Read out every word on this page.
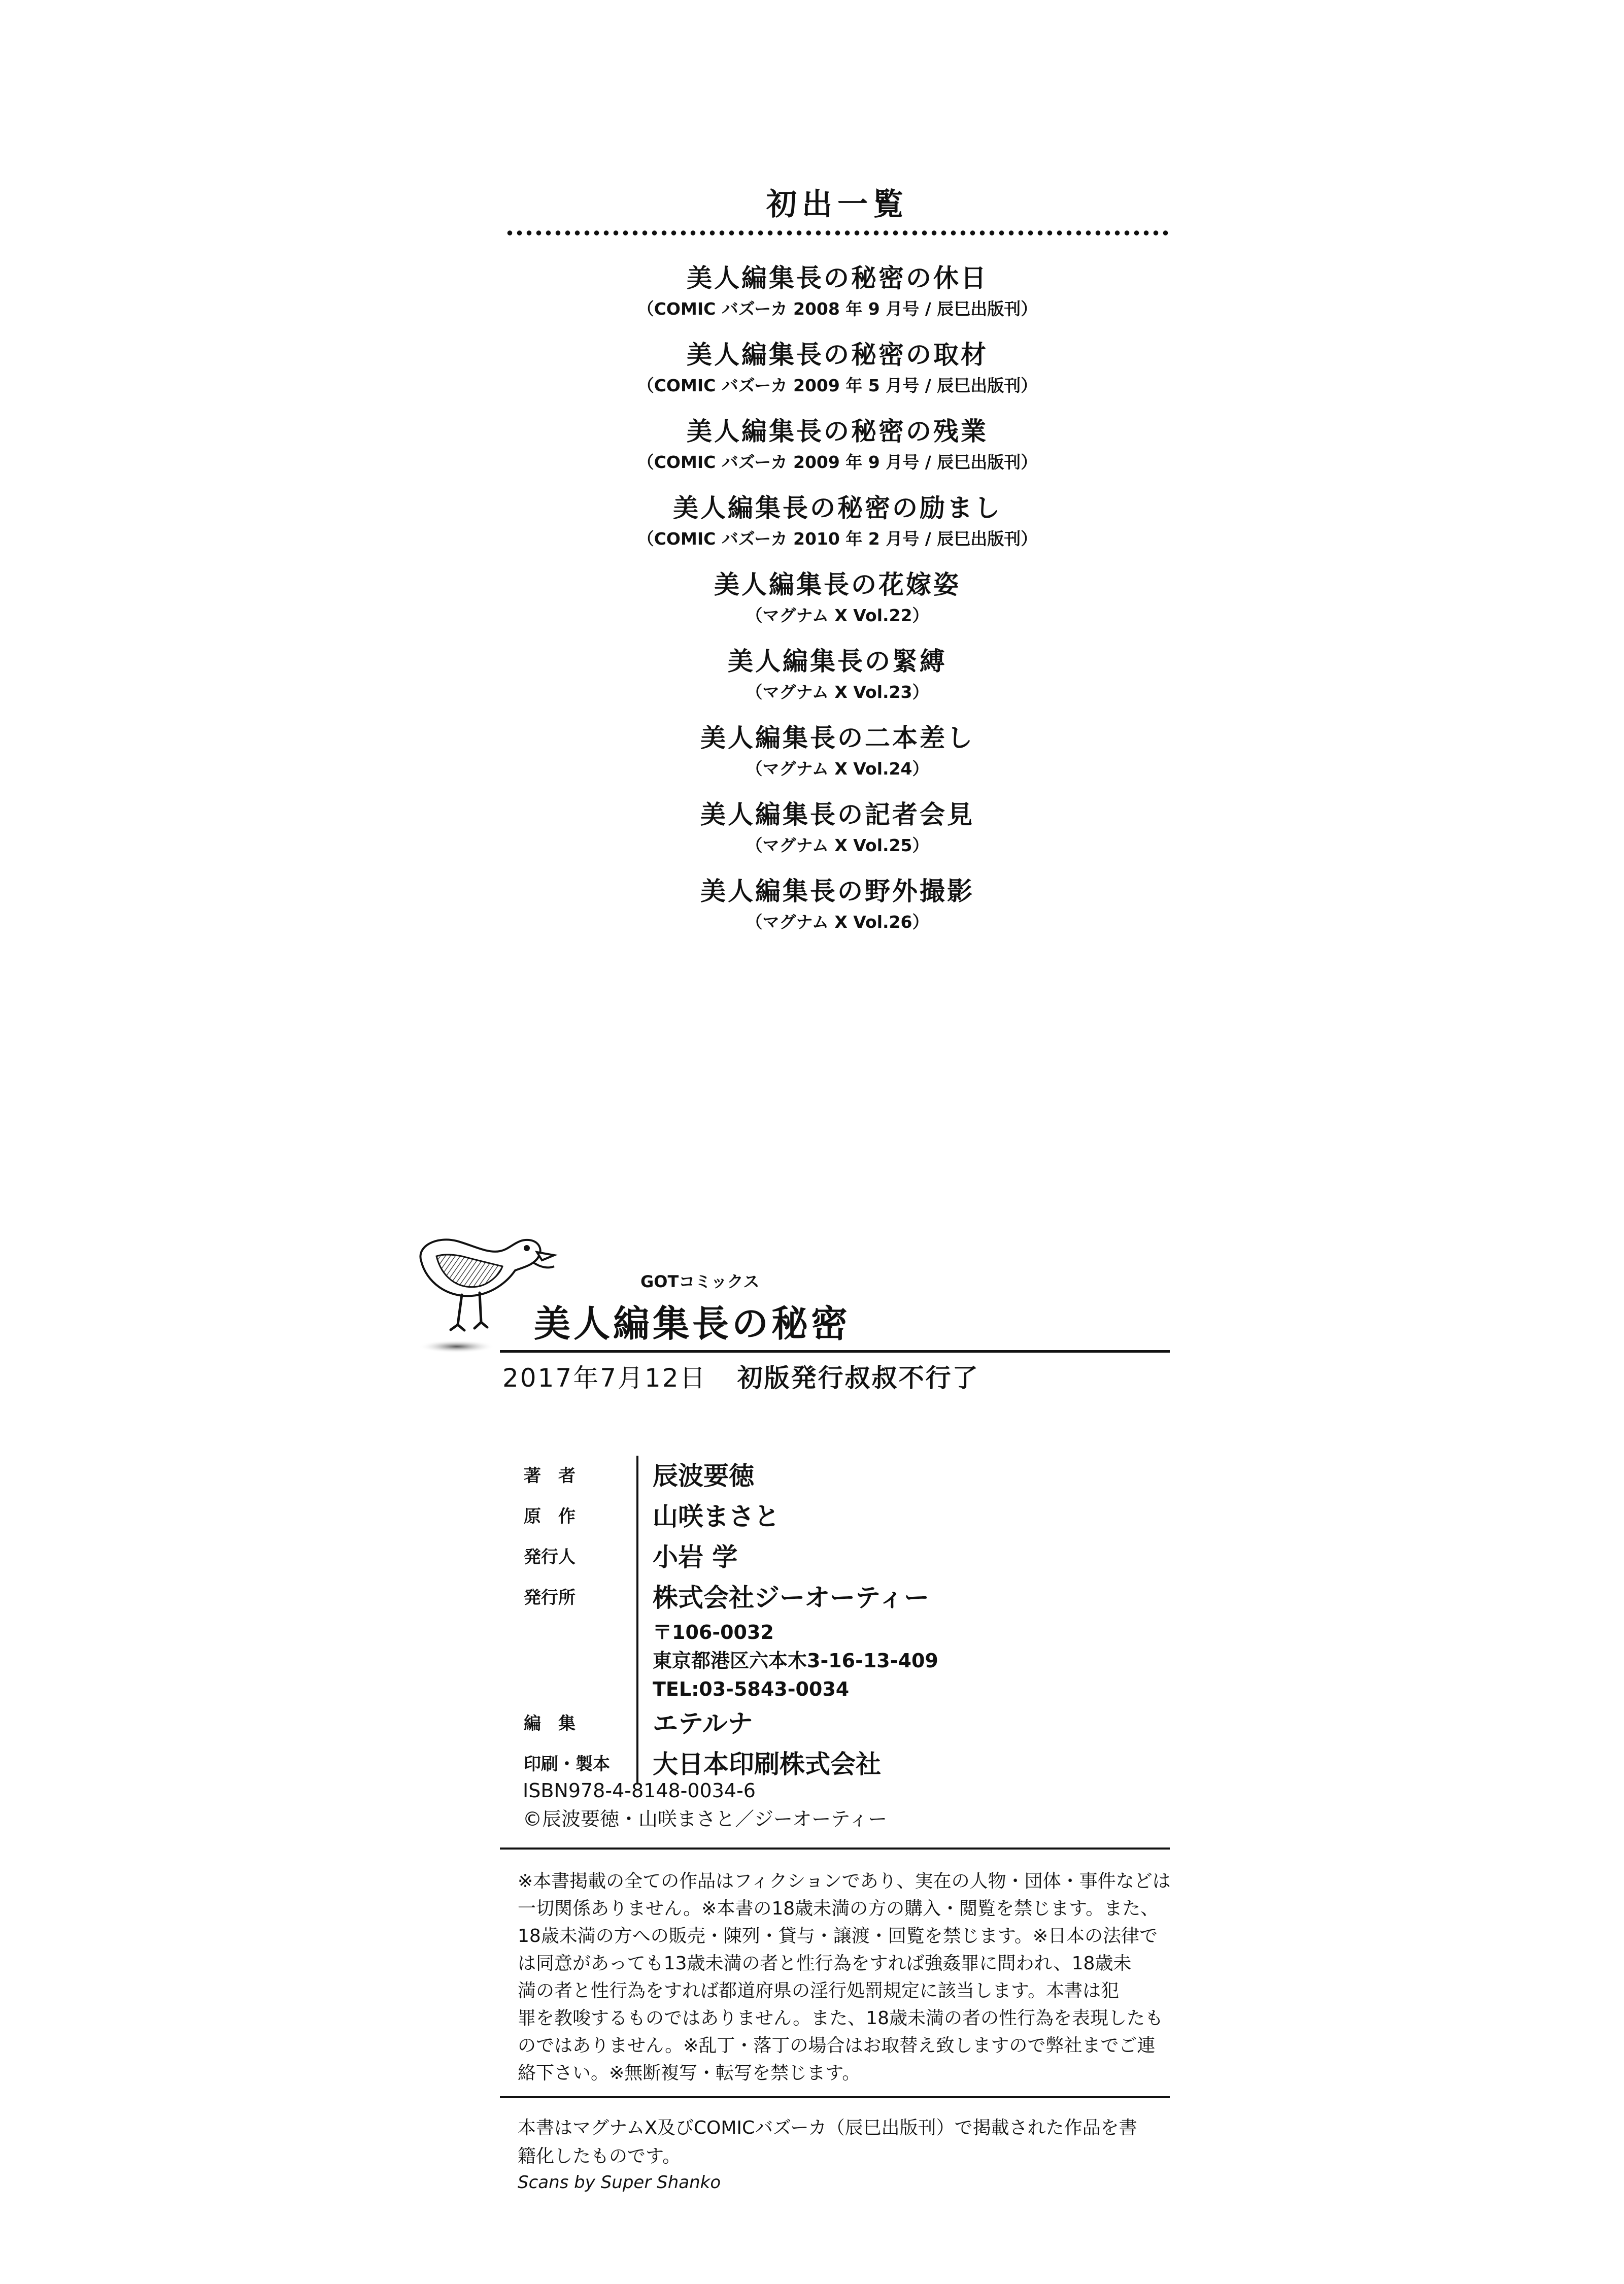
初出一覧
美人編集長の秘密の休日
（COMIC バズーカ 2008 年 9 月号 / 辰巳出版刊）
美人編集長の秘密の取材
（COMIC バズーカ 2009 年 5 月号 / 辰巳出版刊）
美人編集長の秘密の残業
（COMIC バズーカ 2009 年 9 月号 / 辰巳出版刊）
美人編集長の秘密の励まし
（COMIC バズーカ 2010 年 2 月号 / 辰巳出版刊）
美人編集長の花嫁姿
（マグナム X Vol.22）
美人編集長の緊縛
（マグナム X Vol.23）
美人編集長の二本差し
（マグナム X Vol.24）
美人編集長の記者会見
（マグナム X Vol.25）
美人編集長の野外撮影
（マグナム X Vol.26）
GOTコミックス
美人編集長の秘密
2017年7月12日 初版発行叔叔不行了
著　者	辰波要徳
原　作	山咲まさと
発行人	小岩 学
発行所	株式会社ジーオーティー
〒106-0032
東京都港区六本木3-16-13-409
TEL:03-5843-0034
編　集	エテルナ
印刷・製本	大日本印刷株式会社
ISBN978-4-8148-0034-6
©辰波要徳・山咲まさと／ジーオーティー
※本書掲載の全ての作品はフィクションであり、実在の人物・団体・事件などは
一切関係ありません。※本書の18歳未満の方の購入・閲覧を禁じます。また、
18歳未満の方への販売・陳列・貸与・譲渡・回覧を禁じます。※日本の法律で
は同意があっても13歳未満の者と性行為をすれば強姦罪に問われ、18歳未
満の者と性行為をすれば都道府県の淫行処罰規定に該当します。本書は犯
罪を教唆するものではありません。また、18歳未満の者の性行為を表現したも
のではありません。※乱丁・落丁の場合はお取替え致しますので弊社までご連
絡下さい。※無断複写・転写を禁じます。
本書はマグナムX及びCOMICバズーカ（辰巳出版刊）で掲載された作品を書
籍化したものです。
Scans by Super Shanko
